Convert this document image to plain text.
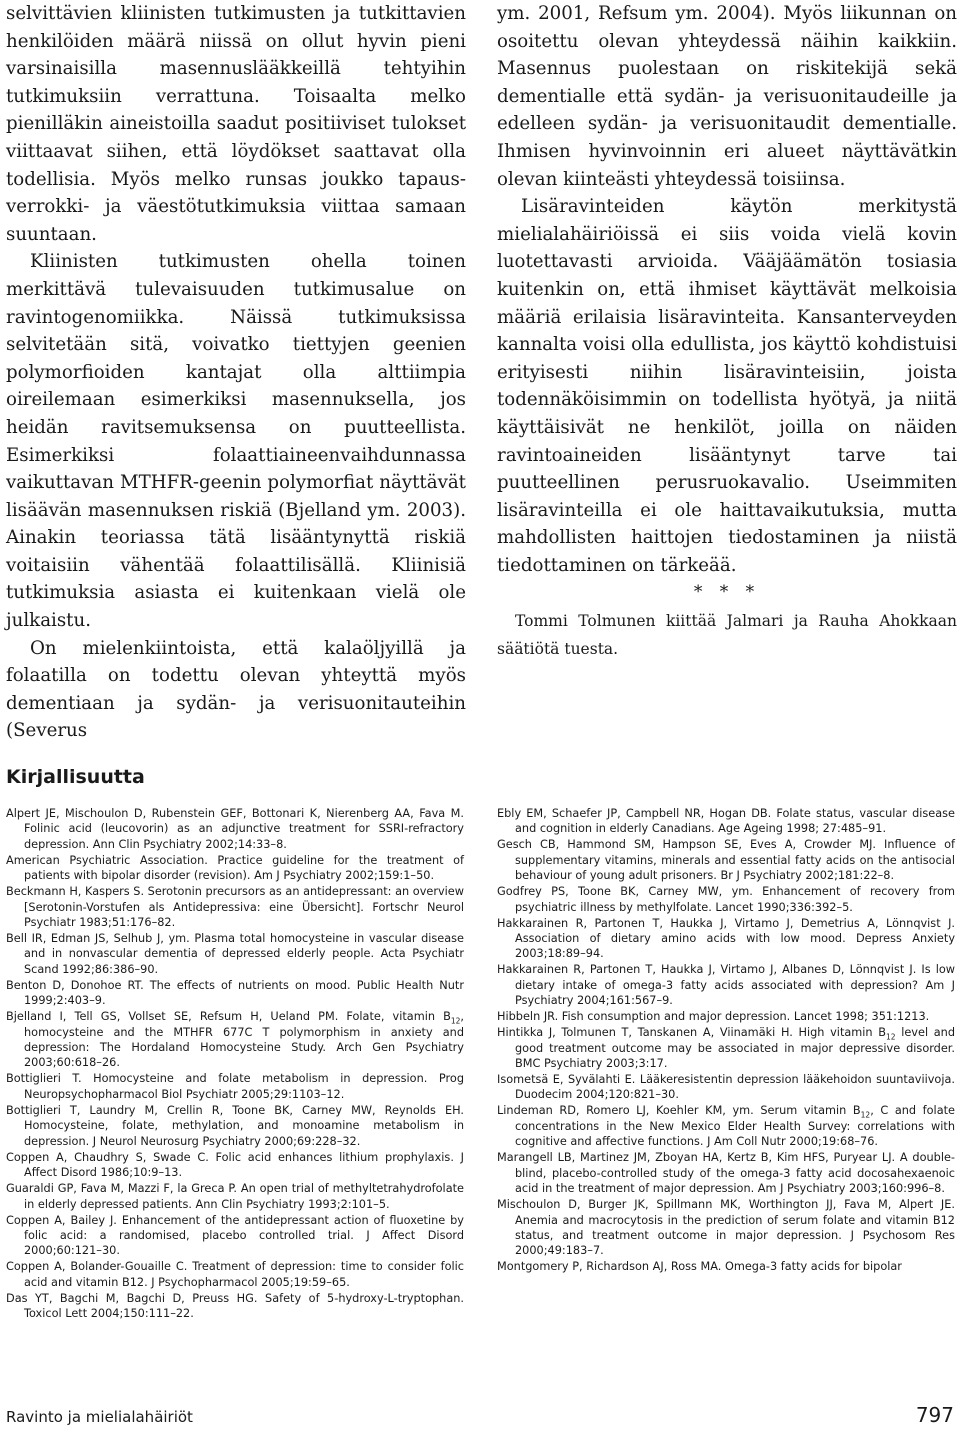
selvittävien kliinisten tutkimusten ja tutkittavien henkilöiden määrä niissä on ollut hyvin pieni varsinaisilla masennuslääkkeillä tehtyihin tutkimuksiin verrattuna. Toisaalta melko pienilläkin aineistoilla saadut positiiviset tulokset viittaavat siihen, että löydökset saattavat olla todellisia. Myös melko runsas joukko tapaus-verrokki- ja väestötutkimuksia viittaa samaan suuntaan.

Kliinisten tutkimusten ohella toinen merkittävä tulevaisuuden tutkimusalue on ravintogenomiikka. Näissä tutkimuksissa selvitetään sitä, voivatko tiettyjen geenien polymorfioiden kantajat olla alttiimpia oireilemaan esimerkiksi masennuksella, jos heidän ravitsemuksensa on puutteellista. Esimerkiksi folaattiaineenvaihdunnassa vaikuttavan MTHFR-geenin polymorfiat näyttävät lisäävän masennuksen riskiä (Bjelland ym. 2003). Ainakin teoriassa tätä lisääntynyttä riskiä voitaisiin vähentää folaattilisällä. Kliinisiä tutkimuksia asiasta ei kuitenkaan vielä ole julkaistu.

On mielenkiintoista, että kalaöljyillä ja folaatilla on todettu olevan yhteyttä myös dementiaan ja sydän- ja verisuonitauteihin (Severus

ym. 2001, Refsum ym. 2004). Myös liikunnan on osoitettu olevan yhteydessä näihin kaikkiin. Masennus puolestaan on riskitekijä sekä dementialle että sydän- ja verisuonitaudeille ja edelleen sydän- ja verisuonitaudit dementialle. Ihmisen hyvinvoinnin eri alueet näyttävätkin olevan kiinteästi yhteydessä toisiinsa.

Lisäravinteiden käytön merkitystä mielialahäiriöissä ei siis voida vielä kovin luotettavasti arvioida. Vääjäämätön tosiasia kuitenkin on, että ihmiset käyttävät melkoisia määriä erilaisia lisäravinteita. Kansanterveyden kannalta voisi olla edullista, jos käyttö kohdistuisi erityisesti niihin lisäravinteisiin, joista todennäköisimmin on todellista hyötyä, ja niitä käyttäisivät ne henkilöt, joilla on näiden ravintoaineiden lisääntynyt tarve tai puutteellinen perusruokavalio. Useimmiten lisäravinteilla ei ole haittavaikutuksia, mutta mahdollisten haittojen tiedostaminen ja niistä tiedottaminen on tärkeää.

* * *

Tommi Tolmunen kiittää Jalmari ja Rauha Ahokkaan säätiötä tuesta.

Kirjallisuutta

Alpert JE, Mischoulon D, Rubenstein GEF, Bottonari K, Nierenberg AA, Fava M. Folinic acid (leucovorin) as an adjunctive treatment for SSRI-refractory depression. Ann Clin Psychiatry 2002;14:33–8.

American Psychiatric Association. Practice guideline for the treatment of patients with bipolar disorder (revision). Am J Psychiatry 2002;159:1–50.

Beckmann H, Kaspers S. Serotonin precursors as an antidepressant: an overview [Serotonin-Vorstufen als Antidepressiva: eine Übersicht]. Fortschr Neurol Psychiatr 1983;51:176–82.

Bell IR, Edman JS, Selhub J, ym. Plasma total homocysteine in vascular disease and in nonvascular dementia of depressed elderly people. Acta Psychiatr Scand 1992;86:386–90.

Benton D, Donohoe RT. The effects of nutrients on mood. Public Health Nutr 1999;2:403–9.

Bjelland I, Tell GS, Vollset SE, Refsum H, Ueland PM. Folate, vitamin $B_{12}$, homocysteine and the MTHFR 677C T polymorphism in anxiety and depression: The Hordaland Homocysteine Study. Arch Gen Psychiatry 2003;60:618–26.

Bottiglieri T. Homocysteine and folate metabolism in depression. Prog Neuropsychopharmacol Biol Psychiatr 2005;29:1103–12.

Bottiglieri T, Laundry M, Crellin R, Toone BK, Carney MW, Reynolds EH. Homocysteine, folate, methylation, and monoamine metabolism in depression. J Neurol Neurosurg Psychiatry 2000;69:228–32.

Coppen A, Chaudhry S, Swade C. Folic acid enhances lithium prophylaxis. J Affect Disord 1986;10:9–13.

Guaraldi GP, Fava M, Mazzi F, la Greca P. An open trial of methyltetrahydrofolate in elderly depressed patients. Ann Clin Psychiatry 1993;2:101–5.

Coppen A, Bailey J. Enhancement of the antidepressant action of fluoxetine by folic acid: a randomised, placebo controlled trial. J Affect Disord 2000;60:121–30.

Coppen A, Bolander-Gouaille C. Treatment of depression: time to consider folic acid and vitamin B12. J Psychopharmacol 2005;19:59–65.

Das YT, Bagchi M, Bagchi D, Preuss HG. Safety of 5-hydroxy-L-tryptophan. Toxicol Lett 2004;150:111–22.

Ebly EM, Schaefer JP, Campbell NR, Hogan DB. Folate status, vascular disease and cognition in elderly Canadians. Age Ageing 1998; 27:485–91.

Gesch CB, Hammond SM, Hampson SE, Eves A, Crowder MJ. Influence of supplementary vitamins, minerals and essential fatty acids on the antisocial behaviour of young adult prisoners. Br J Psychiatry 2002;181:22–8.

Godfrey PS, Toone BK, Carney MW, ym. Enhancement of recovery from psychiatric illness by methylfolate. Lancet 1990;336:392–5.

Hakkarainen R, Partonen T, Haukka J, Virtamo J, Demetrius A, Lönnqvist J. Association of dietary amino acids with low mood. Depress Anxiety 2003;18:89–94.

Hakkarainen R, Partonen T, Haukka J, Virtamo J, Albanes D, Lönnqvist J. Is low dietary intake of omega-3 fatty acids associated with depression? Am J Psychiatry 2004;161:567–9.

Hibbeln JR. Fish consumption and major depression. Lancet 1998; 351:1213.

Hintikka J, Tolmunen T, Tanskanen A, Viinamäki H. High vitamin $B_{12}$ level and good treatment outcome may be associated in major depressive disorder. BMC Psychiatry 2003;3:17.

Isometsä E, Syvälahti E. Lääkeresistentin depression lääkehoidon suuntaviivoja. Duodecim 2004;120:821–30.

Lindeman RD, Romero LJ, Koehler KM, ym. Serum vitamin $B_{12}$, C and folate concentrations in the New Mexico Elder Health Survey: correlations with cognitive and affective functions. J Am Coll Nutr 2000;19:68–76.

Marangell LB, Martinez JM, Zboyan HA, Kertz B, Kim HFS, Puryear LJ. A double-blind, placebo-controlled study of the omega-3 fatty acid docosahexaenoic acid in the treatment of major depression. Am J Psychiatry 2003;160:996–8.

Mischoulon D, Burger JK, Spillmann MK, Worthington JJ, Fava M, Alpert JE. Anemia and macrocytosis in the prediction of serum folate and vitamin B12 status, and treatment outcome in major depression. J Psychosom Res 2000;49:183–7.

Montgomery P, Richardson AJ, Ross MA. Omega-3 fatty acids for bipolar

Ravinto ja mielialahäiriöt	797
